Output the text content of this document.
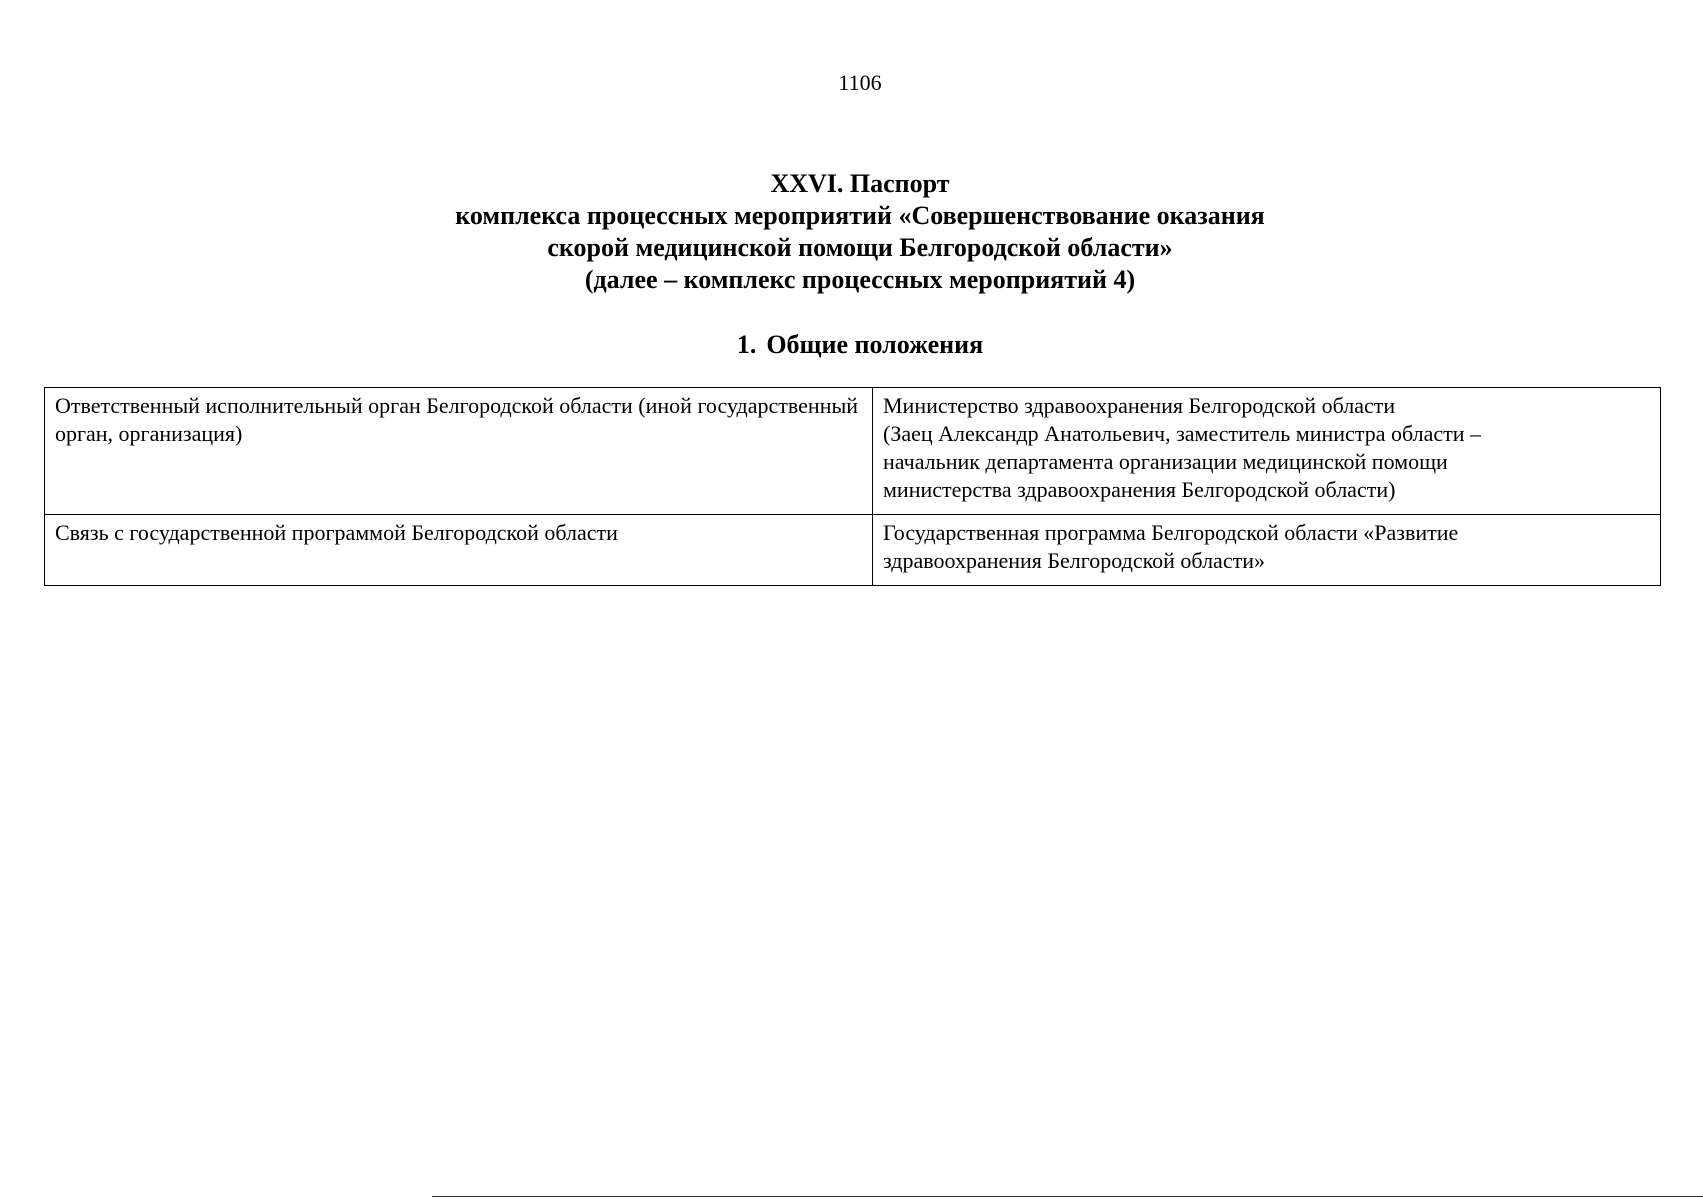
1106
XXVI. Паспорт
комплекса процессных мероприятий «Совершенствование оказания
скорой медицинской помощи Белгородской области»
(далее – комплекс процессных мероприятий 4)
1. Общие положения
Ответственный исполнительный орган Белгородской области (иной государственный орган, организация)	Министерство здравоохранения Белгородской области
(Заец Александр Анатольевич, заместитель министра области –
начальник департамента организации медицинской помощи
министерства здравоохранения Белгородской области)

Связь с государственной программой Белгородской области	Государственная программа Белгородской области «Развитие
здравоохранения Белгородской области»
